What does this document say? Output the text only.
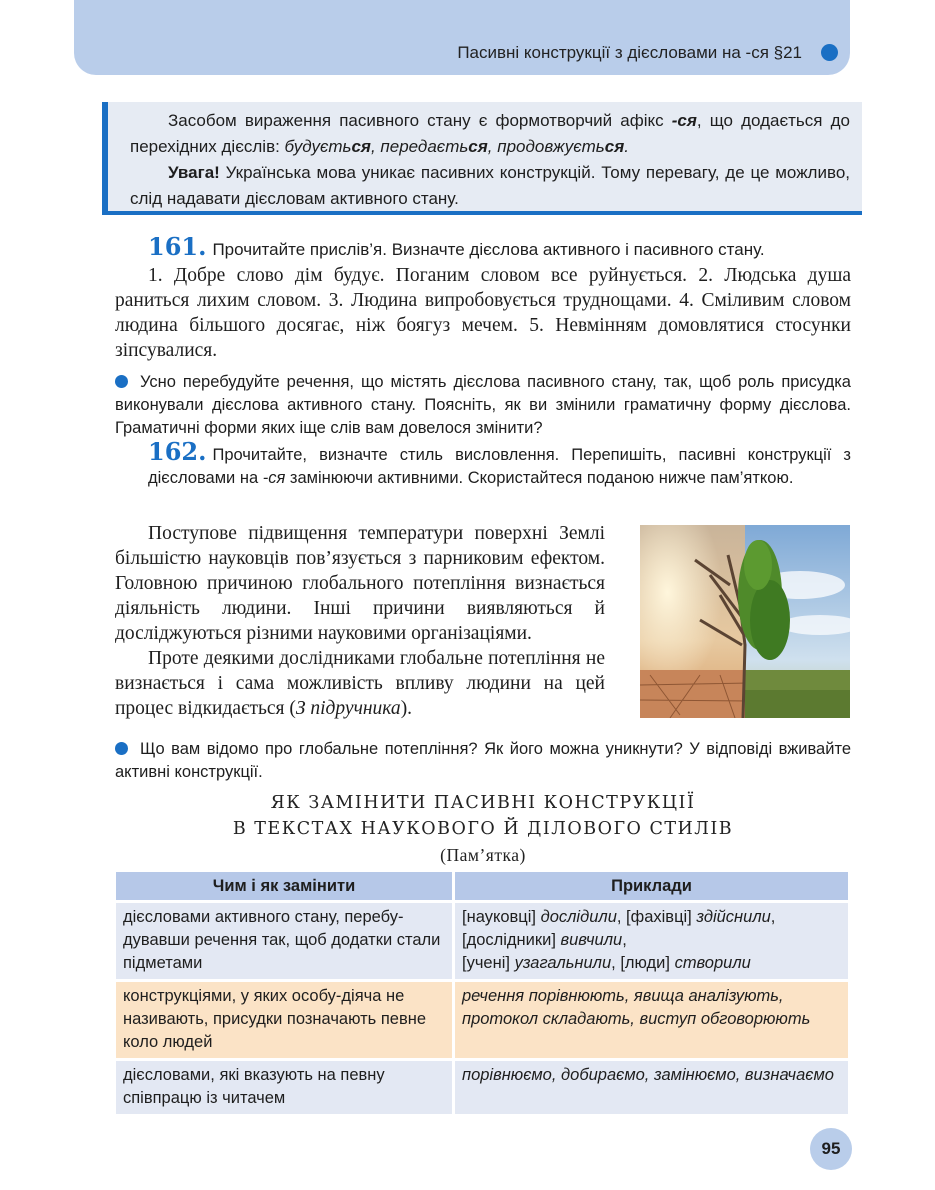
Пасивні конструкції з дієсловами на -ся §21

Засобом вираження пасивного стану є формотворчий афікс -ся, що додається до перехідних дієслів: будується, передається, продовжується.

Увага! Українська мова уникає пасивних конструкцій. Тому перевагу, де це можливо, слід надавати дієсловам активного стану.

161. Прочитайте прислів’я. Визначте дієслова активного і пасивного стану.

1. Добре слово дім будує. Поганим словом все руйнується. 2. Людська душа раниться лихим словом. 3. Людина випробовується труднощами. 4. Сміливим словом людина більшого досягає, ніж боягуз мечем. 5. Невмінням домовлятися стосунки зіпсувалися.

Усно перебудуйте речення, що містять дієслова пасивного стану, так, щоб роль присудка виконували дієслова активного стану. Поясніть, як ви змінили граматичну форму дієслова. Граматичні форми яких іще слів вам довелося змінити?

162. Прочитайте, визначте стиль висловлення. Перепишіть, пасивні конструкції з дієсловами на -ся замінюючи активними. Скористайтеся поданою нижче пам’яткою.

Поступове підвищення температури поверхні Землі більшістю науковців пов’язується з парниковим ефектом. Головною причиною глобального потепління визнається діяльність людини. Інші причини виявляються й досліджуються різними науковими організаціями.

Проте деякими дослідниками глобальне потепління не визнається і сама можливість впливу людини на цей процес відкидається (З підручника).

Що вам відомо про глобальне потепління? Як його можна уникнути? У відповіді вживайте активні конструкції.

ЯК ЗАМІНИТИ ПАСИВНІ КОНСТРУКЦІЇ
В ТЕКСТАХ НАУКОВОГО Й ДІЛОВОГО СТИЛІВ
(Пам’ятка)
Чим і як замінити	Приклади
дієсловами активного стану, перебудувавши речення так, щоб додатки стали підметами	[науковці] дослідили, [фахівці] здійснили,
[дослідники] вивчили,
[учені] узагальнили, [люди] створили
конструкціями, у яких особу-діяча не називають, присудки позначають певне коло людей	речення порівнюють, явища аналізують, протокол складають, виступ обговорюють
дієсловами, які вказують на певну співпрацю із читачем	порівнюємо, добираємо, замінюємо, визначаємо
95
